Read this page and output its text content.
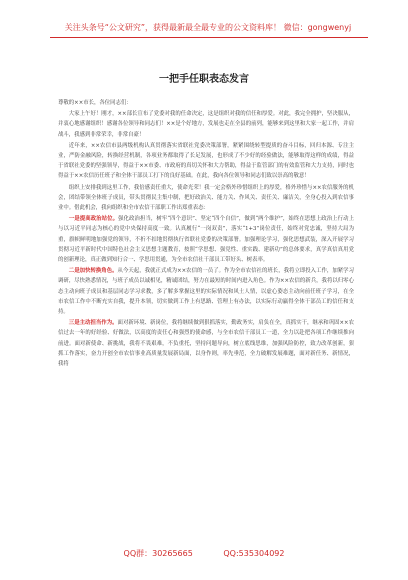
关注头条号“公文研究”，获得最新最全最专业的公文资料库！ 微信：gongwenyj
一把手任职表态发言

尊敬的××市长，各位同志们：

大家上午好！刚才，××部长宣布了党委对我的任命决定，这是组织对我的信任和厚爱。对此，我完全拥护，坚决服从，并衷心地感谢组织！感谢各位领导和同志们！××是个好地方，发展也走在全县的前列，能够来到这里和大家一起工作，并肩战斗，我感到非常荣幸，非常自豪！

近年来，××农信市县两级机构认真贯彻落实省联社党委决策部署，紧紧围绕转型提质的奋斗目标，回归本源、专注主业，严防金融风险，转换经营机制，各项业务都取得了长足发展，也形成了不少好的经验做法，能够取得这样的成绩，得益于省联社党委的坚强领导，得益于××市委、市政府的真切关怀和大力帮助，得益于监管部门的有效监管和大力支持，同时也得益于××农信历任班子和全体干部员工打下的良好基础。在此，我向各位领导和同志们致以崇高的敬意！

组织上安排我到这里工作，我倍感责任重大，使命光荣！我一定会格外珍惜组织上的厚爱，格外珍惜与××农信服务的机会，团结带领全体班子成员，带头贯彻民主集中制，把好政治关、能力关、作风关、责任关、廉洁关，全身心投入到农信事业中。借此机会，我向组织和全市农信干部职工作出郑重表态：

一是提高政治站位。强化政治担当，树牢“四个意识”、坚定“四个自信”，做到“两个维护”，始终在思想上政治上行动上与以习近平同志为核心的党中央保持高度一致。认真履行“一岗双责”，落实“1+3”岗位责任，始终对党忠诚，坚持大局为重，旗帜鲜明地加强党的领导，不折不扣地贯彻执行省联社党委的决策部署。加强理论学习，强化思想武装，深入开展学习贯彻习近平新时代中国特色社会主义思想主题教育，按照“学思想、强党性、重实践、建新功”的总体要求，真学真信真用党的创新理论，真正做到知行合一、学思用贯通，为全市农信社干部员工带好头、树表率。

二是加快转换角色。从今天起，我就正式成为××农信的一员了。作为全市农信社的班长，我将立即投入工作，加紧学习调研，尽快熟悉情况，与班子成员以诚相见，精诚团结，努力在最短的时间内进入角色。作为××农信的新兵，我将以归零心态主动向班子成员和基层同志学习求教，多了解多掌握这里的实际情况和风土人情，以虚心姿态主动向前任班子学习，在全市农信工作中不断充实自我，提升本领，切实做到工作上有思路、管理上有办法，以实际行动赢得全体干部员工的信任和支持。

三是主动担当作为。面对新环境、新岗位，我将继续做到狠抓落实，勤政务实，肩负在全，真抓实干，继承和巩固××农信过去一年的好经验、好做法，以高度的责任心和强烈的使命感，与全市农信干部员工一道，全力以赴把各项工作继续推向前进。面对新使命、新挑战，我将不畏艰难，不负重托，坚持问题导向，树立底线思维，加强风险防控，致力改革创新，狠抓工作落实，奋力开创全市农信事业高质量发展新局面，以身作则，率先垂范，全力破解发展难题，面对新任务、新情况，我将

QQ群：30265665	QQ:535304092
